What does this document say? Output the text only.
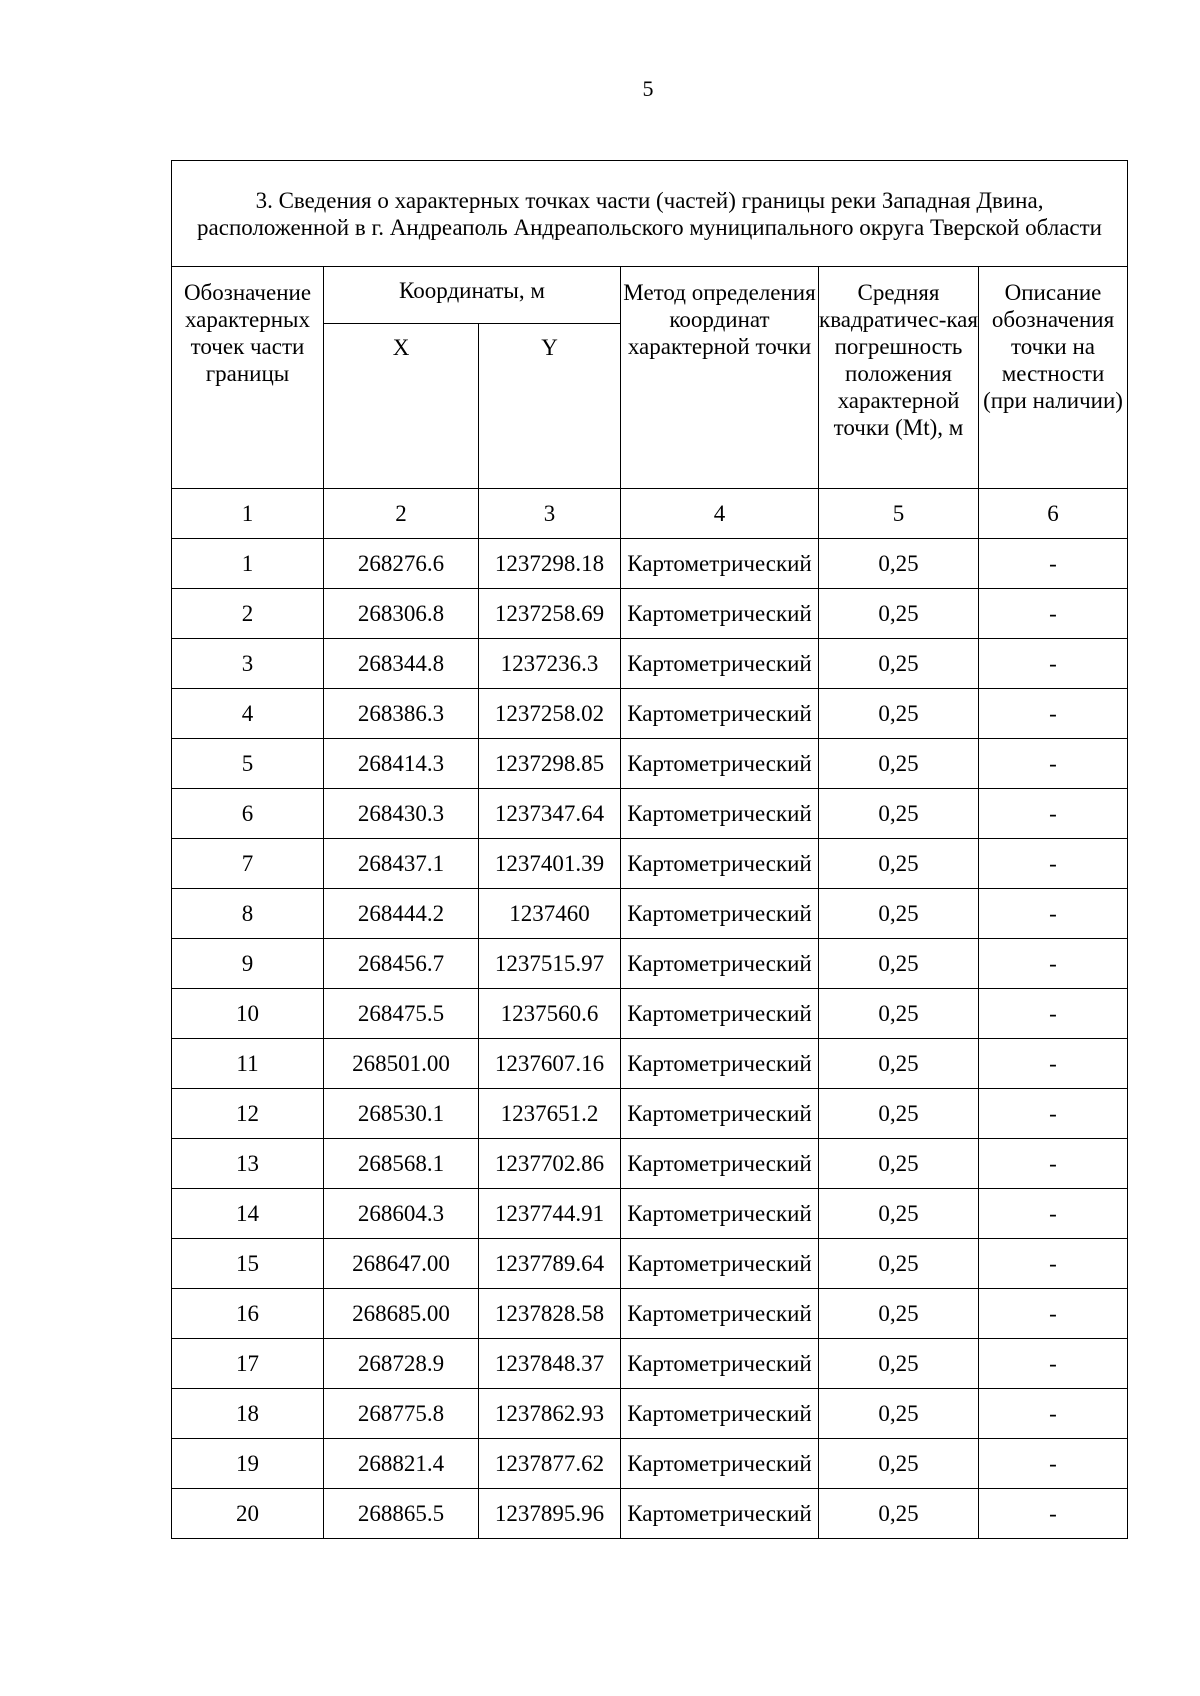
5
3. Сведения о характерных точках части (частей) границы реки Западная Двина, расположенной в г. Андреаполь Андреапольского муниципального округа Тверской области					
Обозначение характерных точек части границы	Координаты, м		Метод определения координат характерной точки	Средняя квадратичес-кая погрешность положения характерной точки (Mt), м	Описание обозначения точки на местности (при наличии)
	X	Y			
1	2	3	4	5	6
1	268276.6	1237298.18	Картометрический	0,25	-
2	268306.8	1237258.69	Картометрический	0,25	-
3	268344.8	1237236.3	Картометрический	0,25	-
4	268386.3	1237258.02	Картометрический	0,25	-
5	268414.3	1237298.85	Картометрический	0,25	-
6	268430.3	1237347.64	Картометрический	0,25	-
7	268437.1	1237401.39	Картометрический	0,25	-
8	268444.2	1237460	Картометрический	0,25	-
9	268456.7	1237515.97	Картометрический	0,25	-
10	268475.5	1237560.6	Картометрический	0,25	-
11	268501.00	1237607.16	Картометрический	0,25	-
12	268530.1	1237651.2	Картометрический	0,25	-
13	268568.1	1237702.86	Картометрический	0,25	-
14	268604.3	1237744.91	Картометрический	0,25	-
15	268647.00	1237789.64	Картометрический	0,25	-
16	268685.00	1237828.58	Картометрический	0,25	-
17	268728.9	1237848.37	Картометрический	0,25	-
18	268775.8	1237862.93	Картометрический	0,25	-
19	268821.4	1237877.62	Картометрический	0,25	-
20	268865.5	1237895.96	Картометрический	0,25	-
